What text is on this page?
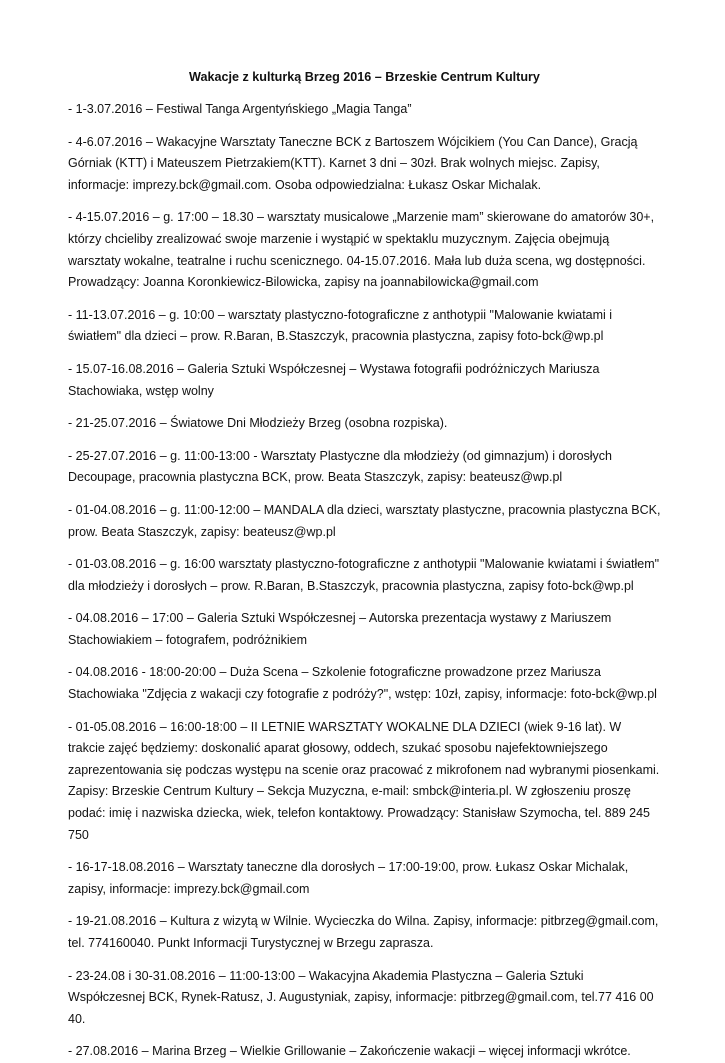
Wakacje z kulturką Brzeg 2016 – Brzeskie Centrum Kultury
- 1-3.07.2016 – Festiwal Tanga Argentyńskiego „Magia Tanga”
- 4-6.07.2016 – Wakacyjne Warsztaty Taneczne BCK z Bartoszem Wójcikiem (You Can Dance), Gracją Górniak (KTT) i Mateuszem Pietrzakiem(KTT). Karnet 3 dni – 30zł. Brak wolnych miejsc. Zapisy, informacje: imprezy.bck@gmail.com. Osoba odpowiedzialna: Łukasz Oskar Michalak.
- 4-15.07.2016 – g. 17:00 – 18.30 – warsztaty musicalowe „Marzenie mam” skierowane do amatorów 30+, którzy chcieliby zrealizować swoje marzenie i wystąpić w spektaklu muzycznym. Zajęcia obejmują warsztaty wokalne, teatralne i ruchu scenicznego. 04-15.07.2016. Mała lub duża scena, wg dostępności. Prowadzący: Joanna Koronkiewicz-Bilowicka, zapisy na joannabilowicka@gmail.com
- 11-13.07.2016 – g. 10:00 – warsztaty plastyczno-fotograficzne z anthotypii "Malowanie kwiatami i światłem" dla dzieci – prow. R.Baran, B.Staszczyk, pracownia plastyczna, zapisy foto-bck@wp.pl
- 15.07-16.08.2016 – Galeria Sztuki Współczesnej – Wystawa fotografii podróżniczych Mariusza Stachowiaka, wstęp wolny
- 21-25.07.2016 – Światowe Dni Młodzieży Brzeg (osobna rozpiska).
- 25-27.07.2016 – g. 11:00-13:00 - Warsztaty Plastyczne dla młodzieży (od gimnazjum) i dorosłych Decoupage, pracownia plastyczna BCK, prow. Beata Staszczyk, zapisy: beateusz@wp.pl
- 01-04.08.2016 – g. 11:00-12:00 – MANDALA dla dzieci, warsztaty plastyczne, pracownia plastyczna BCK, prow. Beata Staszczyk, zapisy: beateusz@wp.pl
- 01-03.08.2016 – g. 16:00 warsztaty plastyczno-fotograficzne z anthotypii "Malowanie kwiatami i światłem" dla młodzieży i dorosłych – prow. R.Baran, B.Staszczyk, pracownia plastyczna, zapisy foto-bck@wp.pl
- 04.08.2016 – 17:00 – Galeria Sztuki Współczesnej – Autorska prezentacja wystawy z Mariuszem Stachowiakiem – fotografem, podróżnikiem
- 04.08.2016 - 18:00-20:00 – Duża Scena – Szkolenie fotograficzne prowadzone przez Mariusza Stachowiaka "Zdjęcia z wakacji czy fotografie z podróży?", wstęp: 10zł, zapisy, informacje: foto-bck@wp.pl
- 01-05.08.2016 – 16:00-18:00 – II LETNIE WARSZTATY WOKALNE DLA DZIECI (wiek 9-16 lat). W trakcie zajęć będziemy: doskonalić aparat głosowy, oddech, szukać sposobu najefektowniejszego zaprezentowania się podczas występu na scenie oraz pracować z mikrofonem nad wybranymi piosenkami. Zapisy: Brzeskie Centrum Kultury – Sekcja Muzyczna, e-mail: smbck@interia.pl. W zgłoszeniu proszę podać: imię i nazwiska dziecka, wiek, telefon kontaktowy. Prowadzący: Stanisław Szymocha, tel. 889 245 750
- 16-17-18.08.2016 – Warsztaty taneczne dla dorosłych – 17:00-19:00, prow. Łukasz Oskar Michalak, zapisy, informacje: imprezy.bck@gmail.com
- 19-21.08.2016 – Kultura z wizytą w Wilnie. Wycieczka do Wilna. Zapisy, informacje: pitbrzeg@gmail.com, tel. 774160040. Punkt Informacji Turystycznej w Brzegu zaprasza.
- 23-24.08 i 30-31.08.2016 – 11:00-13:00 – Wakacyjna Akademia Plastyczna – Galeria Sztuki Współczesnej BCK, Rynek-Ratusz, J. Augustyniak, zapisy, informacje: pitbrzeg@gmail.com, tel.77 416 00 40.
- 27.08.2016 – Marina Brzeg – Wielkie Grillowanie – Zakończenie wakacji – więcej informacji wkrótce.
